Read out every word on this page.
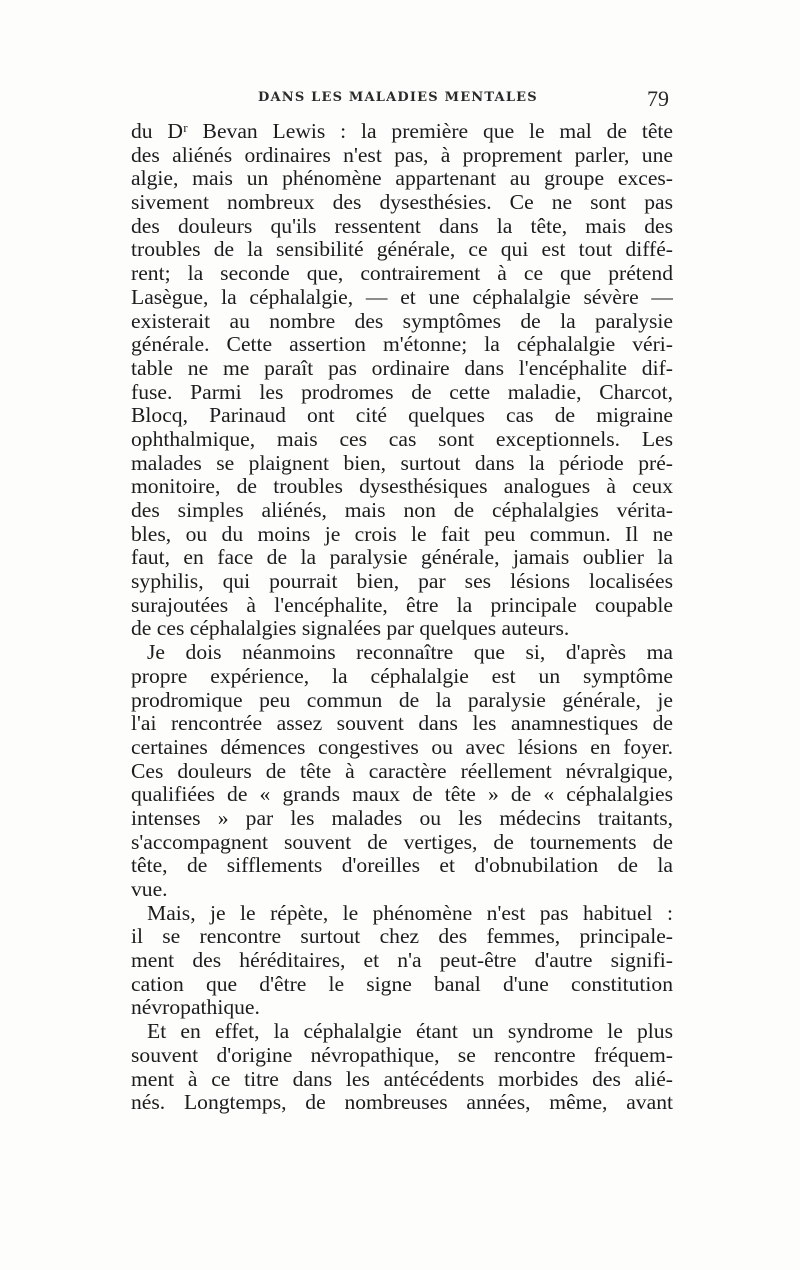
DANS LES MALADIES MENTALES	79
du Dʳ Bevan Lewis : la première que le mal de tête
des aliénés ordinaires n'est pas, à proprement parler, une
algie, mais un phénomène appartenant au groupe exces-
sivement nombreux des dysesthésies. Ce ne sont pas
des douleurs qu'ils ressentent dans la tête, mais des
troubles de la sensibilité générale, ce qui est tout diffé-
rent; la seconde que, contrairement à ce que prétend
Lasègue, la céphalalgie, — et une céphalalgie sévère —
existerait au nombre des symptômes de la paralysie
générale. Cette assertion m'étonne; la céphalalgie véri-
table ne me paraît pas ordinaire dans l'encéphalite dif-
fuse. Parmi les prodromes de cette maladie, Charcot,
Blocq, Parinaud ont cité quelques cas de migraine
ophthalmique, mais ces cas sont exceptionnels. Les
malades se plaignent bien, surtout dans la période pré-
monitoire, de troubles dysesthésiques analogues à ceux
des simples aliénés, mais non de céphalalgies vérita-
bles, ou du moins je crois le fait peu commun. Il ne
faut, en face de la paralysie générale, jamais oublier la
syphilis, qui pourrait bien, par ses lésions localisées
surajoutées à l'encéphalite, être la principale coupable
de ces céphalalgies signalées par quelques auteurs.
Je dois néanmoins reconnaître que si, d'après ma
propre expérience, la céphalalgie est un symptôme
prodromique peu commun de la paralysie générale, je
l'ai rencontrée assez souvent dans les anamnestiques de
certaines démences congestives ou avec lésions en foyer.
Ces douleurs de tête à caractère réellement névralgique,
qualifiées de « grands maux de tête » de « céphalalgies
intenses » par les malades ou les médecins traitants,
s'accompagnent souvent de vertiges, de tournements de
tête, de sifflements d'oreilles et d'obnubilation de la
vue.
Mais, je le répète, le phénomène n'est pas habituel :
il se rencontre surtout chez des femmes, principale-
ment des héréditaires, et n'a peut-être d'autre signifi-
cation que d'être le signe banal d'une constitution
névropathique.
Et en effet, la céphalalgie étant un syndrome le plus
souvent d'origine névropathique, se rencontre fréquem-
ment à ce titre dans les antécédents morbides des alié-
nés. Longtemps, de nombreuses années, même, avant
